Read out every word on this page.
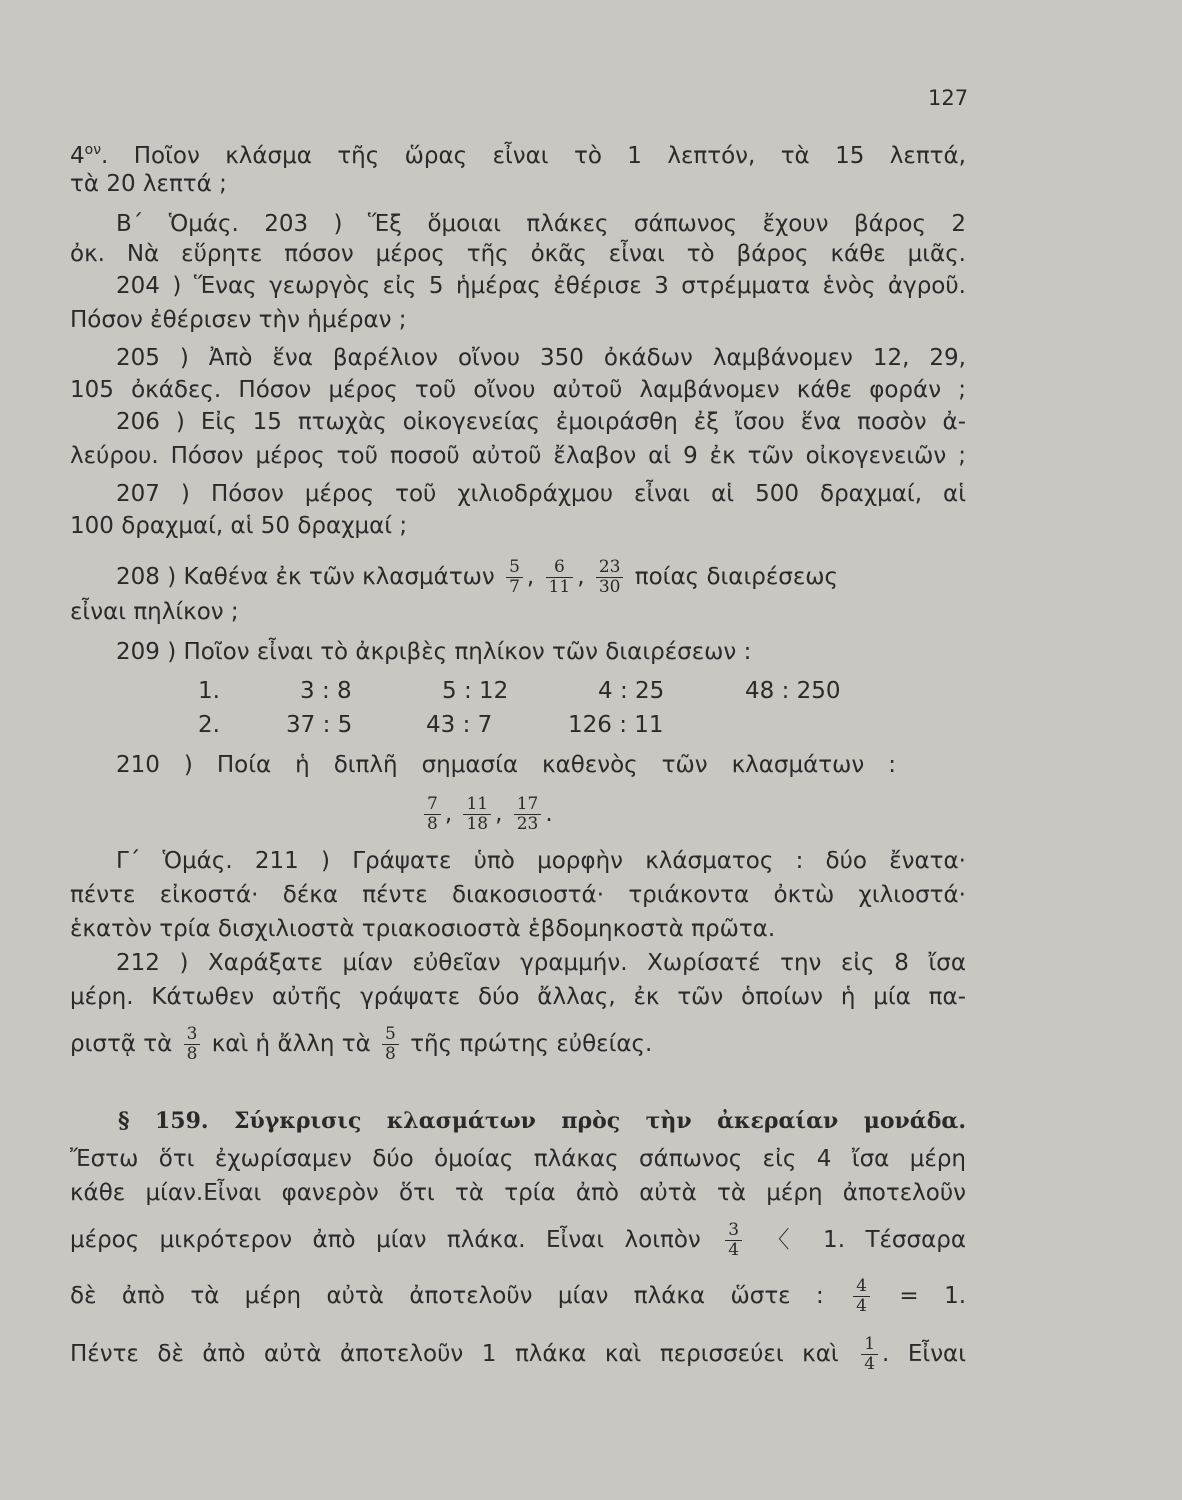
127
$4^{o\nu}$. Ποῖον κλάσμα τῆς ὥρας εἶναι τὸ 1 λεπτόν, τὰ 15 λεπτά,
τὰ 20 λεπτά ;
Β΄ Ὁμάς. 203 ) Ἕξ ὅμοιαι πλάκες σάπωνος ἔχουν βάρος 2
ὀκ. Νὰ εὕρητε πόσον μέρος τῆς ὀκᾶς εἶναι τὸ βάρος κάθε μιᾶς.
204 ) Ἕνας γεωργὸς εἰς 5 ἡμέρας ἐθέρισε 3 στρέμματα ἑνὸς ἀγροῦ.
Πόσον ἐθέρισεν τὴν ἡμέραν ;
205 ) Ἀπὸ ἕνα βαρέλιον οἴνου 350 ὀκάδων λαμβάνομεν 12, 29,
105 ὀκάδες. Πόσον μέρος τοῦ οἴνου αὐτοῦ λαμβάνομεν κάθε φοράν ;
206 ) Εἰς 15 πτωχὰς οἰκογενείας ἐμοιράσθη ἐξ ἴσου ἕνα ποσὸν ἀ-
λεύρου. Πόσον μέρος τοῦ ποσοῦ αὐτοῦ ἔλαβον αἱ 9 ἐκ τῶν οἰκογενειῶν ;
207 ) Πόσον μέρος τοῦ χιλιοδράχμου εἶναι αἱ 500 δραχμαί, αἱ
100 δραχμαί, αἱ 50 δραχμαί ;
208 ) Καθένα ἐκ τῶν κλασμάτων $\frac{5}{7}$ , $\frac{6}{11}$ , $\frac{23}{30}$ ποίας διαιρέσεως
εἶναι πηλίκον ;
209 ) Ποῖον εἶναι τὸ ἀκριβὲς πηλίκον τῶν διαιρέσεων :
1.	3 : 8	5 : 12	4 : 25	48 : 250
2.	37 : 5	43 : 7	126 : 11
210 ) Ποία ἡ διπλῆ σημασία καθενὸς τῶν κλασμάτων :
$\frac{7}{8}$ , $\frac{11}{18}$ , $\frac{17}{23}$ .
Γ΄ Ὁμάς. 211 ) Γράψατε ὑπὸ μορφὴν κλάσματος : δύο ἔνατα·
πέντε εἰκοστά· δέκα πέντε διακοσιοστά· τριάκοντα ὀκτὼ χιλιοστά·
ἑκατὸν τρία δισχιλιοστὰ τριακοσιοστὰ ἑβδομηκοστὰ πρῶτα.
212 ) Χαράξατε μίαν εὐθεῖαν γραμμήν. Χωρίσατέ την εἰς 8 ἴσα
μέρη. Κάτωθεν αὐτῆς γράψατε δύο ἄλλας, ἐκ τῶν ὁποίων ἡ μία πα-
ριστᾷ τὰ $\frac{3}{8}$ καὶ ἡ ἄλλη τὰ $\frac{5}{8}$ τῆς πρώτης εὐθείας.
§ 159. Σύγκρισις κλασμάτων πρὸς τὴν ἀκεραίαν μονάδα.
Ἔστω ὅτι ἐχωρίσαμεν δύο ὁμοίας πλάκας σάπωνος εἰς 4 ἴσα μέρη
κάθε μίαν.Εἶναι φανερὸν ὅτι τὰ τρία ἀπὸ αὐτὰ τὰ μέρη ἀποτελοῦν
μέρος μικρότερον ἀπὸ μίαν πλάκα. Εἶναι λοιπὸν $\frac{3}{4}$ 〈 1. Τέσσαρα
δὲ ἀπὸ τὰ μέρη αὐτὰ ἀποτελοῦν μίαν πλάκα ὥστε : $\frac{4}{4} = 1$.
Πέντε δὲ ἀπὸ αὐτὰ ἀποτελοῦν 1 πλάκα καὶ περισσεύει καὶ $\frac{1}{4}$ . Εἶναι
